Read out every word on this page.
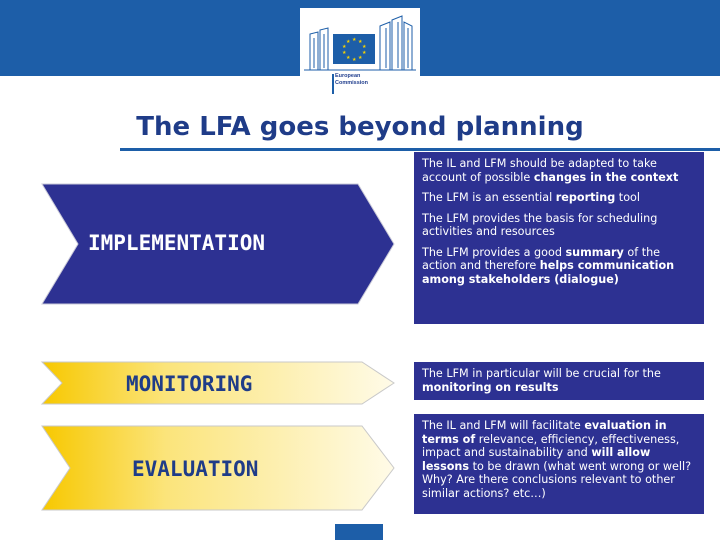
★ ★
★
★
★
★
★
★
★
★
European
Commission
The LFA goes beyond planning
IMPLEMENTATION
MONITORING
EVALUATION

The IL and LFM should be adapted to take account of possible changes in the context

The LFM is an essential reporting tool

The LFM provides the basis for scheduling activities and resources

The LFM provides a good summary of the action and therefore helps communication among stakeholders (dialogue)

The LFM in particular will be crucial for the monitoring on results
The IL and LFM will facilitate evaluation in terms of relevance, efficiency, effectiveness, impact and sustainability and will allow lessons to be drawn (what went wrong or well? Why? Are there conclusions relevant to other similar actions? etc…)
